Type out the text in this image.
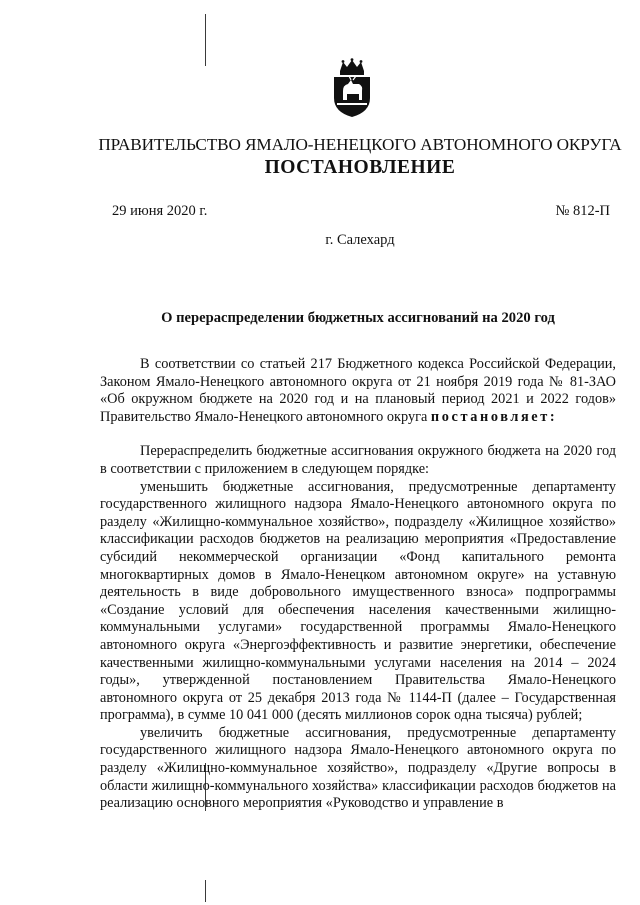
ПРАВИТЕЛЬСТВО ЯМАЛО-НЕНЕЦКОГО АВТОНОМНОГО ОКРУГА
ПОСТАНОВЛЕНИЕ
29 июня 2020 г.	№ 812-П
г. Салехард
О перераспределении бюджетных ассигнований на 2020 год

В соответствии со статьей 217 Бюджетного кодекса Российской Федерации, Законом Ямало-Ненецкого автономного округа от 21 ноября 2019 года № 81-ЗАО «Об окружном бюджете на 2020 год и на плановый период 2021 и 2022 годов» Правительство Ямало-Ненецкого автономного округа постановляет:

Перераспределить бюджетные ассигнования окружного бюджета на 2020 год в соответствии с приложением в следующем порядке:

уменьшить бюджетные ассигнования, предусмотренные департаменту государственного жилищного надзора Ямало-Ненецкого автономного округа по разделу «Жилищно-коммунальное хозяйство», подразделу «Жилищное хозяйство» классификации расходов бюджетов на реализацию мероприятия «Предоставление субсидий некоммерческой организации «Фонд капитального ремонта многоквартирных домов в Ямало-Ненецком автономном округе» на уставную деятельность в виде добровольного имущественного взноса» подпрограммы «Создание условий для обеспечения населения качественными жилищно-коммунальными услугами» государственной программы Ямало-Ненецкого автономного округа «Энергоэффективность и развитие энергетики, обеспечение качественными жилищно-коммунальными услугами населения на 2014 – 2024 годы», утвержденной постановлением Правительства Ямало-Ненецкого автономного округа от 25 декабря 2013 года № 1144-П (далее – Государственная программа), в сумме 10 041 000 (десять миллионов сорок одна тысяча) рублей;

увеличить бюджетные ассигнования, предусмотренные департаменту государственного жилищного надзора Ямало-Ненецкого автономного округа по разделу «Жилищно-коммунальное хозяйство», подразделу «Другие вопросы в области жилищно-коммунального хозяйства» классификации расходов бюджетов на реализацию основного мероприятия «Руководство и управление в
